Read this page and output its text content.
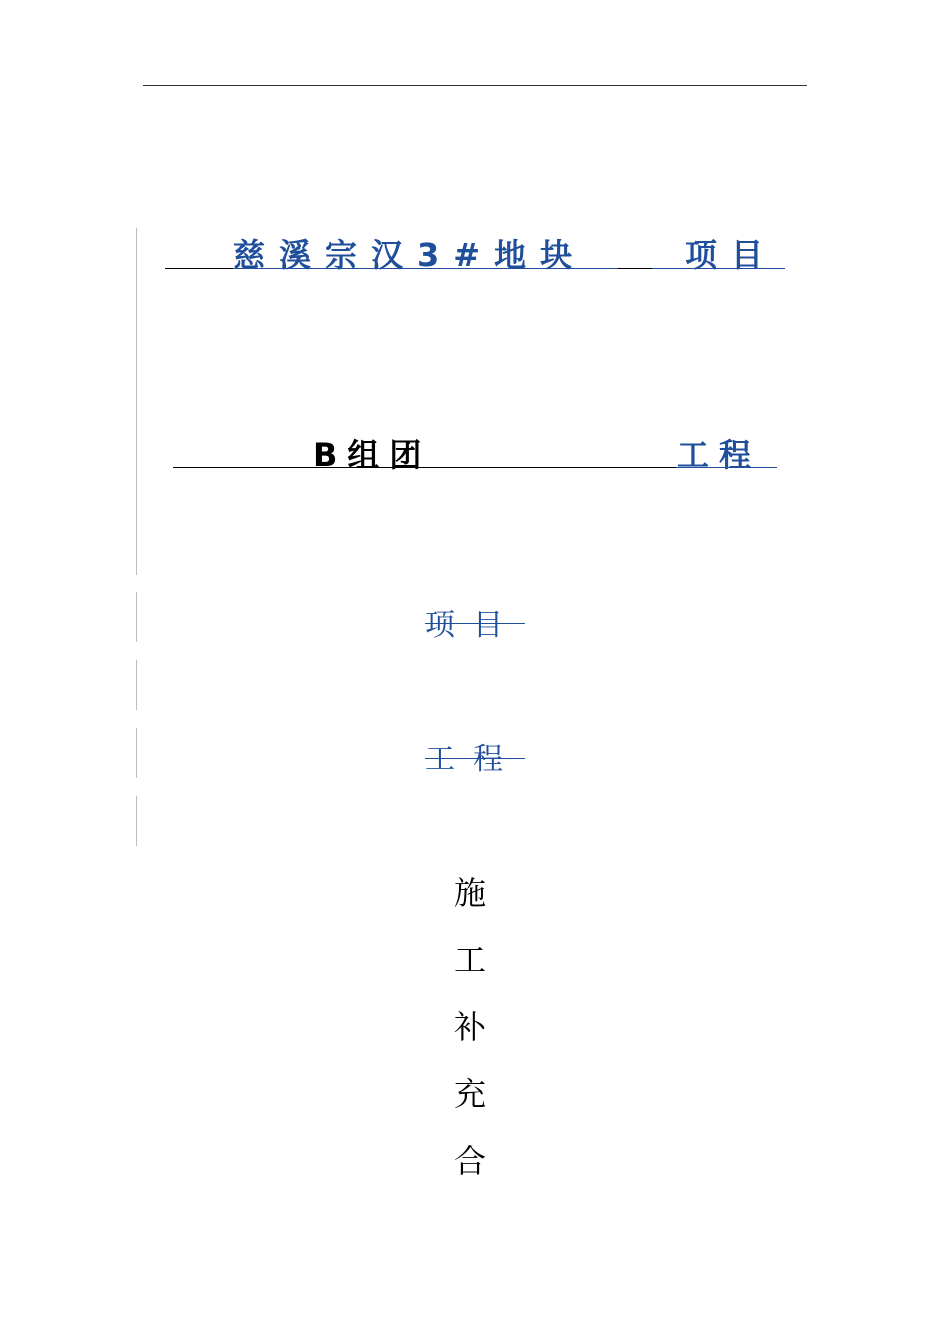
慈溪宗汉3#地块	项目
B组团	工程
项目
工程
施
工
补
充
合
